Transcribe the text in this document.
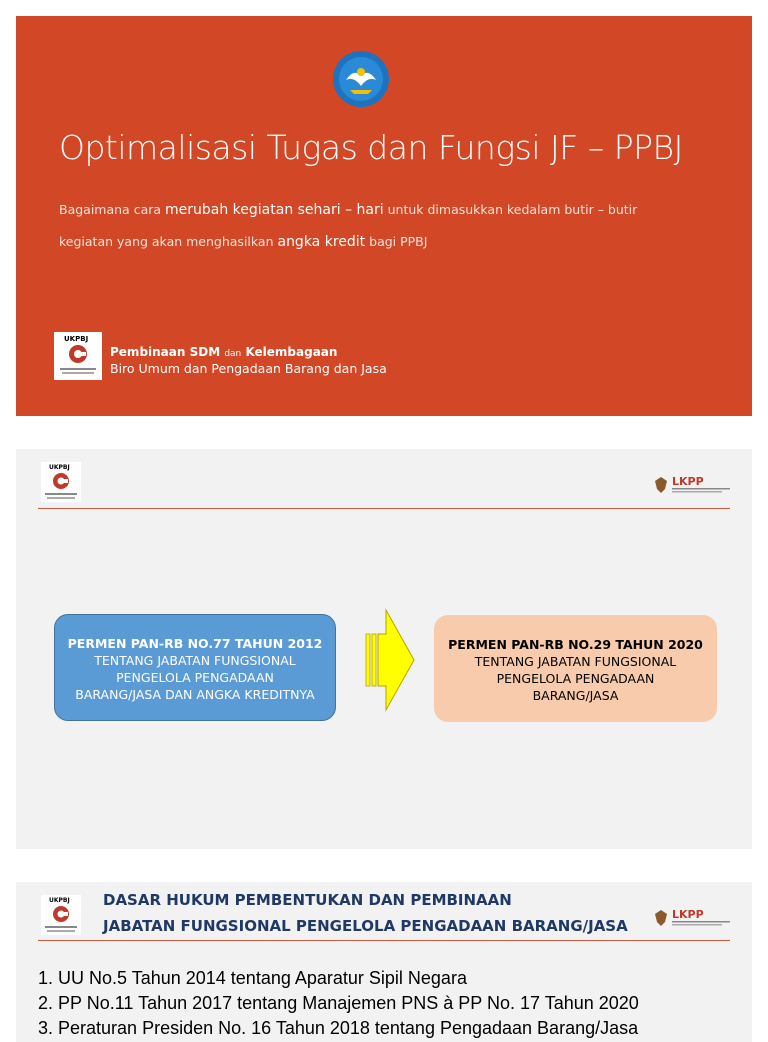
Optimalisasi Tugas dan Fungsi JF – PPBJ
Bagaimana cara merubah kegiatan sehari – hari untuk dimasukkan kedalam butir – butir
kegiatan yang akan menghasilkan angka kredit bagi PPBJ
UKPBJ
Pembinaan SDM dan Kelembagaan
Biro Umum dan Pengadaan Barang dan Jasa
UKPBJ
LKPP
PERMEN PAN-RB NO.77 TAHUN 2012
TENTANG JABATAN FUNGSIONAL
PENGELOLA PENGADAAN
BARANG/JASA DAN ANGKA KREDITNYA
PERMEN PAN-RB NO.29 TAHUN 2020
TENTANG JABATAN FUNGSIONAL
PENGELOLA PENGADAAN
BARANG/JASA
UKPBJ DASAR HUKUM PEMBENTUKAN DAN PEMBINAAN
JABATAN FUNGSIONAL PENGELOLA PENGADAAN BARANG/JASA
LKPP
1. UU No.5 Tahun 2014 tentang Aparatur Sipil Negara
2. PP No.11 Tahun 2017 tentang Manajemen PNS à PP No. 17 Tahun 2020
3. Peraturan Presiden No. 16 Tahun 2018 tentang Pengadaan Barang/Jasa
